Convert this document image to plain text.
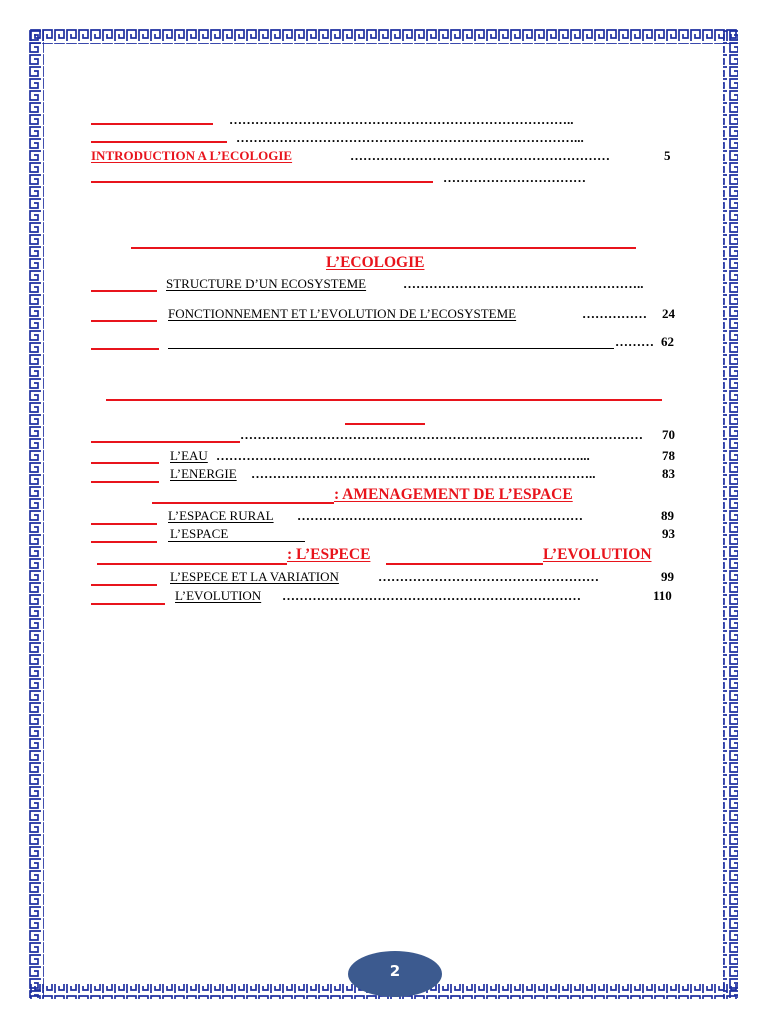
……………………………………………………………………..
……………………………………………………………………...
INTRODUCTION A L’ECOLOGIE	……………………………………………………	5
……………………………
L’ECOLOGIE
STRUCTURE D’UN ECOSYSTEME	………………………………………………..
FONCTIONNEMENT ET L’EVOLUTION DE L’ECOSYSTEME	…………… 24
……… 62
………………………………………………………………………………… 70
L’EAU …………………………………………………………………………...	78
L’ENERGIE ……………………………………………………………………..	83
: AMENAGEMENT DE L’ESPACE
L’ESPACE RURAL …………………………………………………………	89
L’ESPACE	93
: L’ESPECE	L’EVOLUTION
L’ESPECE ET LA VARIATION	……………………………………………	99
L’EVOLUTION ……………………………………………………………	110
2
